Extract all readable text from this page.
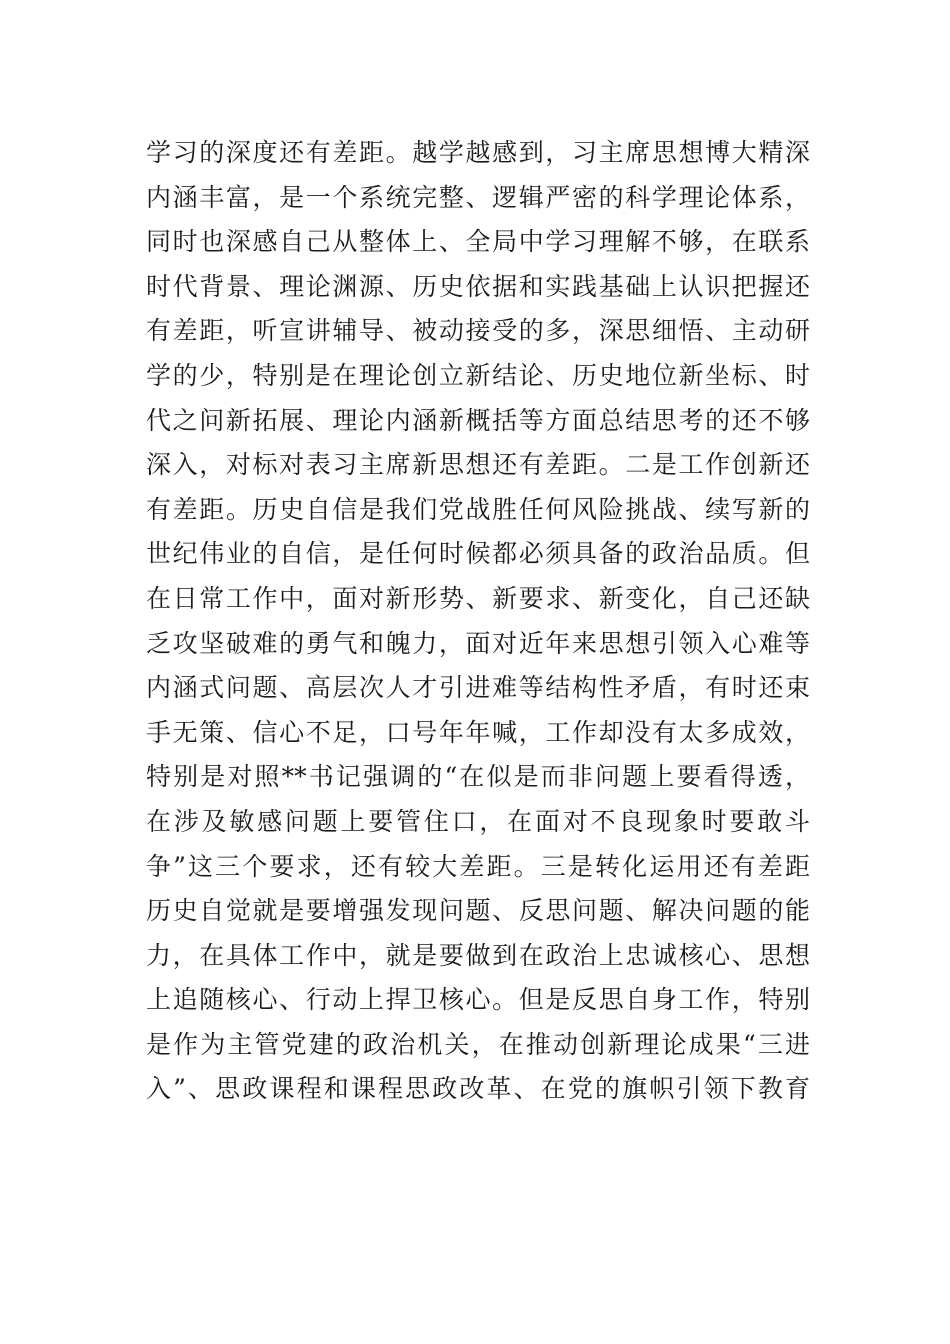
学习的深度还有差距。越学越感到，习主席思想博大精深
内涵丰富，是一个系统完整、逻辑严密的科学理论体系，
同时也深感自己从整体上、全局中学习理解不够，在联系
时代背景、理论渊源、历史依据和实践基础上认识把握还
有差距，听宣讲辅导、被动接受的多，深思细悟、主动研
学的少，特别是在理论创立新结论、历史地位新坐标、时
代之问新拓展、理论内涵新概括等方面总结思考的还不够
深入，对标对表习主席新思想还有差距。二是工作创新还
有差距。历史自信是我们党战胜任何风险挑战、续写新的
世纪伟业的自信，是任何时候都必须具备的政治品质。但
在日常工作中，面对新形势、新要求、新变化，自己还缺
乏攻坚破难的勇气和魄力，面对近年来思想引领入心难等
内涵式问题、高层次人才引进难等结构性矛盾，有时还束
手无策、信心不足，口号年年喊，工作却没有太多成效，
特别是对照**书记强调的“在似是而非问题上要看得透，
在涉及敏感问题上要管住口，在面对不良现象时要敢斗
争”这三个要求，还有较大差距。三是转化运用还有差距
历史自觉就是要增强发现问题、反思问题、解决问题的能
力，在具体工作中，就是要做到在政治上忠诚核心、思想
上追随核心、行动上捍卫核心。但是反思自身工作，特别
是作为主管党建的政治机关，在推动创新理论成果“三进
入”、思政课程和课程思政改革、在党的旗帜引领下教育
